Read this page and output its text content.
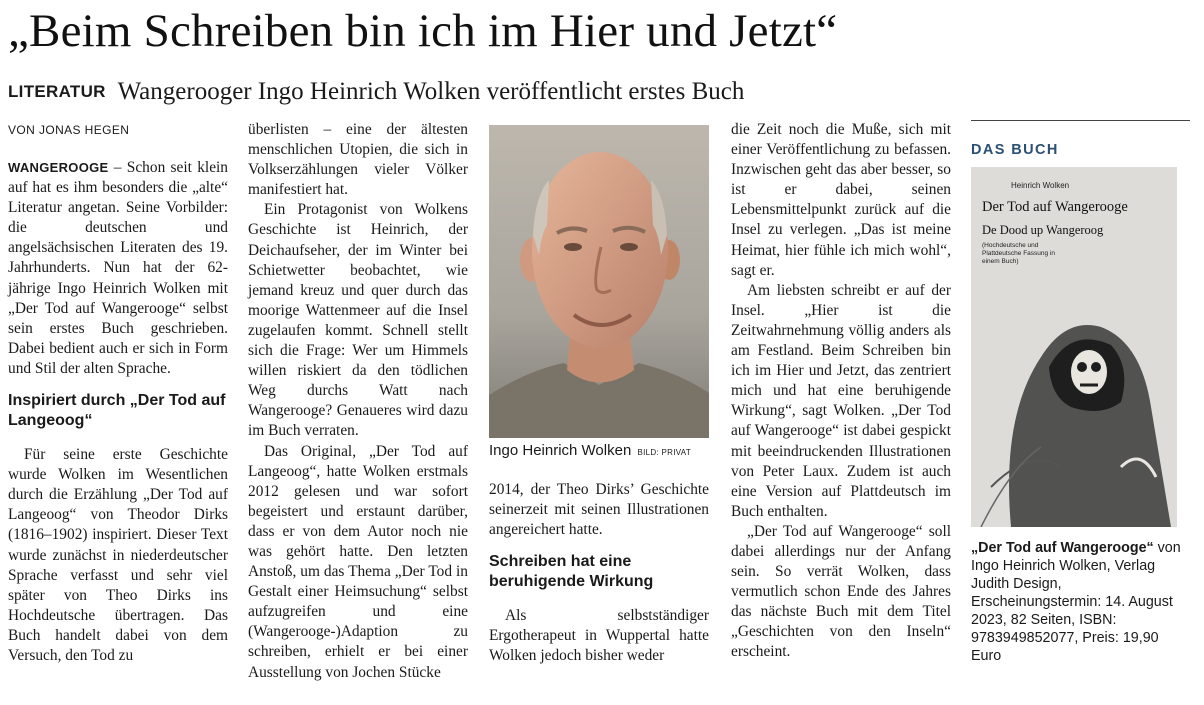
„Beim Schreiben bin ich im Hier und Jetzt“
LITERATUR Wangerooger Ingo Heinrich Wolken veröffentlicht erstes Buch
VON JONAS HEGEN

WANGEROOGE – Schon seit klein auf hat es ihm besonders die „alte“ Literatur angetan. Seine Vorbilder: die deutschen und angelsächsischen Literaten des 19. Jahrhunderts. Nun hat der 62-jährige Ingo Heinrich Wolken mit „Der Tod auf Wangerooge“ selbst sein erstes Buch geschrieben. Dabei bedient auch er sich in Form und Stil der alten Sprache.

Inspiriert durch „Der Tod auf Langeoog“

Für seine erste Geschichte wurde Wolken im Wesentlichen durch die Erzählung „Der Tod auf Langeoog“ von Theodor Dirks (1816–1902) inspiriert. Dieser Text wurde zunächst in niederdeutscher Sprache verfasst und sehr viel später von Theo Dirks ins Hochdeutsche übertragen. Das Buch handelt dabei von dem Versuch, den Tod zu

überlisten – eine der ältesten menschlichen Utopien, die sich in Volkserzählungen vieler Völker manifestiert hat.

Ein Protagonist von Wolkens Geschichte ist Heinrich, der Deichaufseher, der im Winter bei Schietwetter beobachtet, wie jemand kreuz und quer durch das moorige Wattenmeer auf die Insel zugelaufen kommt. Schnell stellt sich die Frage: Wer um Himmels willen riskiert da den tödlichen Weg durchs Watt nach Wangerooge? Genaueres wird dazu im Buch verraten.

Das Original, „Der Tod auf Langeoog“, hatte Wolken erstmals 2012 gelesen und war sofort begeistert und erstaunt darüber, dass er von dem Autor noch nie was gehört hatte. Den letzten Anstoß, um das Thema „Der Tod in Gestalt einer Heimsuchung“ selbst aufzugreifen und eine (Wangerooge-)Adaption zu schreiben, erhielt er bei einer Ausstellung von Jochen Stücke

Ingo Heinrich Wolken BILD: PRIVAT

2014, der Theo Dirks’ Geschichte seinerzeit mit seinen Illustrationen angereichert hatte.

Schreiben hat eine beruhigende Wirkung

Als selbstständiger Ergotherapeut in Wuppertal hatte Wolken jedoch bisher weder

die Zeit noch die Muße, sich mit einer Veröffentlichung zu befassen. Inzwischen geht das aber besser, so ist er dabei, seinen Lebensmittelpunkt zurück auf die Insel zu verlegen. „Das ist meine Heimat, hier fühle ich mich wohl“, sagt er.

Am liebsten schreibt er auf der Insel. „Hier ist die Zeitwahrnehmung völlig anders als am Festland. Beim Schreiben bin ich im Hier und Jetzt, das zentriert mich und hat eine beruhigende Wirkung“, sagt Wolken. „Der Tod auf Wangerooge“ ist dabei gespickt mit beeindruckenden Illustrationen von Peter Laux. Zudem ist auch eine Version auf Plattdeutsch im Buch enthalten.

„Der Tod auf Wangerooge“ soll dabei allerdings nur der Anfang sein. So verrät Wolken, dass vermutlich schon Ende des Jahres das nächste Buch mit dem Titel „Geschichten von den Inseln“ erscheint.

DAS BUCH
Heinrich Wolken
Der Tod auf Wangerooge
De Dood up Wangeroog
(Hochdeutsche und Plattdeutsche Fassung in einem Buch)
„Der Tod auf Wangerooge“ von Ingo Heinrich Wolken, Verlag Judith Design, Erscheinungstermin: 14. August 2023, 82 Seiten, ISBN: 9783949852077, Preis: 19,90 Euro
